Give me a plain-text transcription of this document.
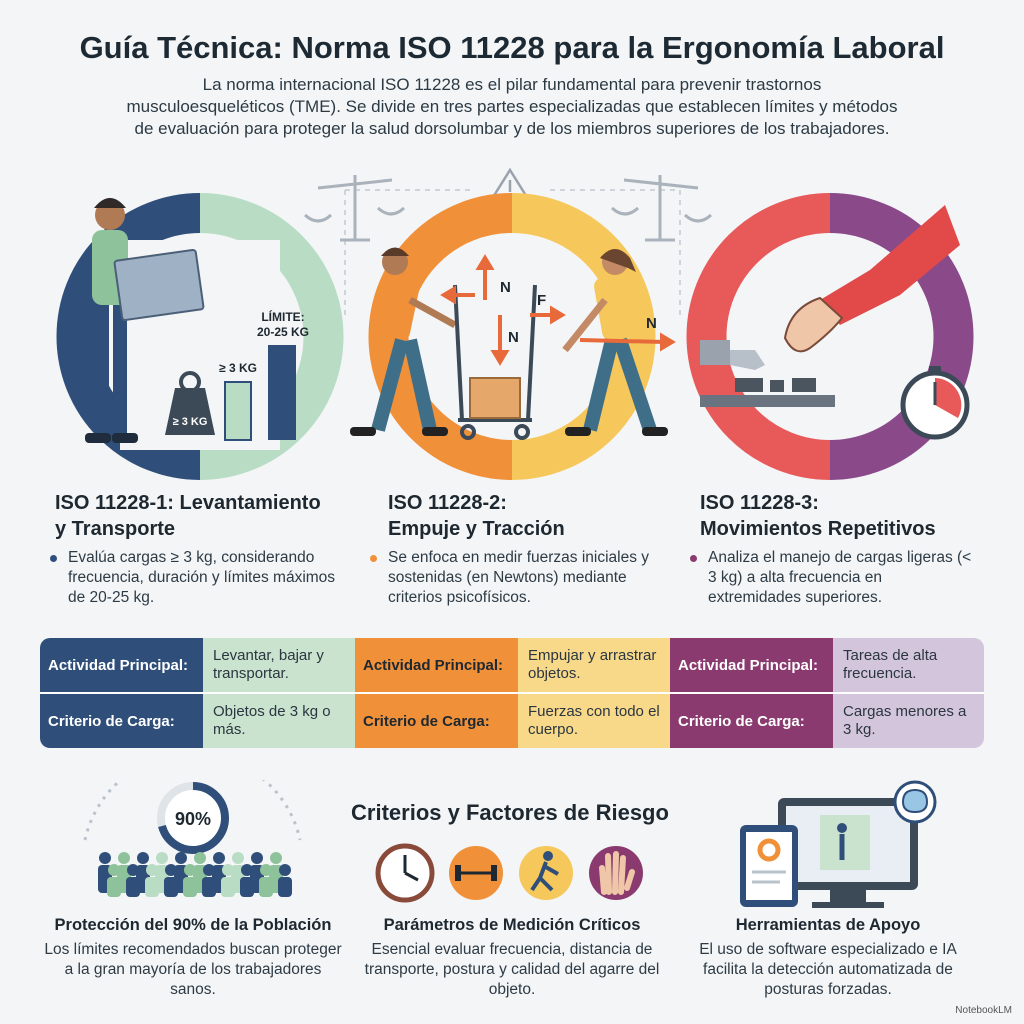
Guía Técnica: Norma ISO 11228 para la Ergonomía Laboral
La norma internacional ISO 11228 es el pilar fundamental para prevenir trastornos
musculoesqueléticos (TME). Se divide en tres partes especializadas que establecen límites y métodos
de evaluación para proteger la salud dorsolumbar y de los miembros superiores de los trabajadores.
≥ 3 KG
≥ 3 KG
LÍMITE:
20-25 KG
N
N
F
N
ISO 11228-1: Levantamiento
y Transporte
ISO 11228-2:
Empuje y Tracción
ISO 11228-3:
Movimientos Repetitivos
Evalúa cargas ≥ 3 kg, considerando frecuencia, duración y límites máximos de 20-25 kg.
Se enfoca en medir fuerzas iniciales y sostenidas (en Newtons) mediante criterios psicofísicos.
Analiza el manejo de cargas ligeras (< 3 kg) a alta frecuencia en extremidades superiores.
Actividad Principal:
Levantar, bajar y transportar.
Criterio de Carga:
Objetos de 3 kg o más.
Actividad Principal:
Empujar y arrastrar objetos.
Criterio de Carga:
Fuerzas con todo el cuerpo.
Actividad Principal:
Tareas de alta frecuencia.
Criterio de Carga:
Cargas menores a 3 kg.
90%	Criterios y Factores de Riesgo
Protección del 90% de la Población
Los límites recomendados buscan proteger a la gran mayoría de los trabajadores sanos.
Parámetros de Medición Críticos
Esencial evaluar frecuencia, distancia de transporte, postura y calidad del agarre del objeto.
Herramientas de Apoyo
El uso de software especializado e IA facilita la detección automatizada de posturas forzadas.
NotebookLM
